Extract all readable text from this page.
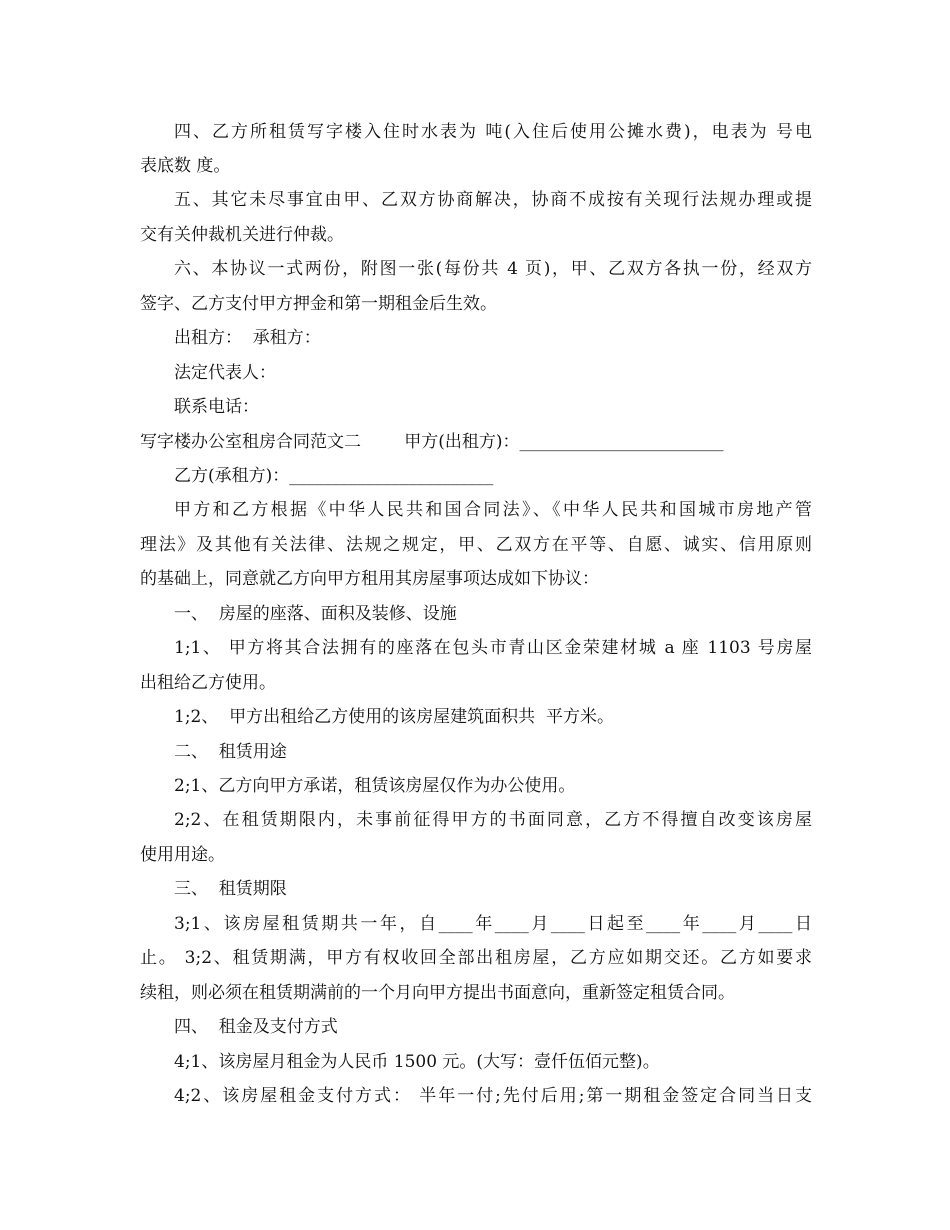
四、乙方所租赁写字楼入住时水表为 吨(入住后使用公摊水费)，电表为 号电
表底数 度。
五、其它未尽事宜由甲、乙双方协商解决，协商不成按有关现行法规办理或提
交有关仲裁机关进行仲裁。
六、本协议一式两份，附图一张(每份共 4 页)，甲、乙双方各执一份，经双方
签字、乙方支付甲方押金和第一期租金后生效。
出租方：  承租方：
法定代表人：
联系电话：
写字楼办公室租房合同范文二        甲方(出租方)：________________________
乙方(承租方)：________________________
甲方和乙方根据《中华人民共和国合同法》、《中华人民共和国城市房地产管
理法》及其他有关法律、法规之规定，甲、乙双方在平等、自愿、诚实、信用原则
的基础上，同意就乙方向甲方租用其房屋事项达成如下协议：
一、  房屋的座落、面积及装修、设施
1;1、 甲方将其合法拥有的座落在包头市青山区金荣建材城 a 座 1103 号房屋
出租给乙方使用。
1;2、  甲方出租给乙方使用的该房屋建筑面积共  平方米。
二、  租赁用途
2;1、乙方向甲方承诺，租赁该房屋仅作为办公使用。
2;2、在租赁期限内，未事前征得甲方的书面同意，乙方不得擅自改变该房屋
使用用途。
三、  租赁期限
3;1、该房屋租赁期共一年，自____年____月____日起至____年____月____日
止。 3;2、租赁期满，甲方有权收回全部出租房屋，乙方应如期交还。乙方如要求
续租，则必须在租赁期满前的一个月向甲方提出书面意向，重新签定租赁合同。
四、  租金及支付方式
4;1、该房屋月租金为人民币 1500 元。(大写：壹仟伍佰元整)。
4;2、该房屋租金支付方式： 半年一付;先付后用;第一期租金签定合同当日支
